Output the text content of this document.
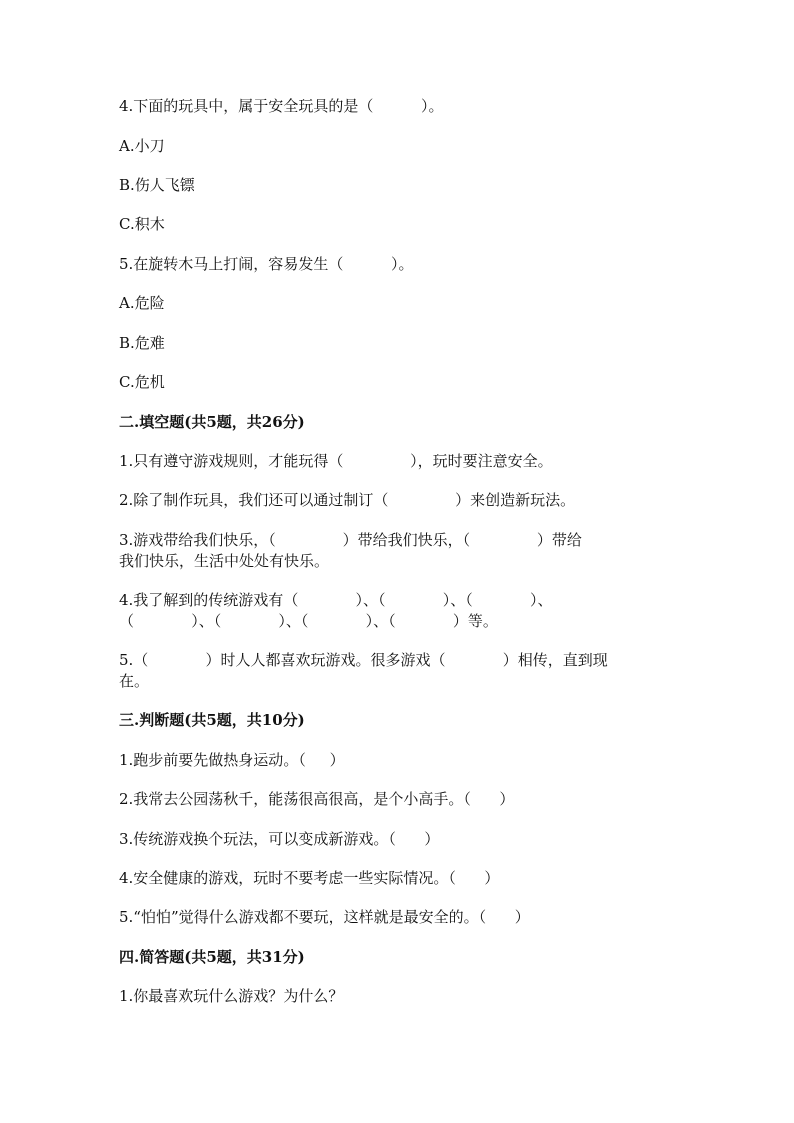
4.下面的玩具中，属于安全玩具的是（          ）。
A.小刀
B.伤人飞镖
C.积木
5.在旋转木马上打闹，容易发生（          ）。
A.危险
B.危难
C.危机
二.填空题(共5题，共26分)
1.只有遵守游戏规则，才能玩得（              ），玩时要注意安全。
2.除了制作玩具，我们还可以通过制订（              ）来创造新玩法。
3.游戏带给我们快乐，（              ）带给我们快乐，（              ）带给
我们快乐，生活中处处有快乐。
4.我了解到的传统游戏有（            ）、（            ）、（            ）、
（            ）、（            ）、（            ）、（            ）等。
5.（            ）时人人都喜欢玩游戏。很多游戏（            ）相传，直到现
在。
三.判断题(共5题，共10分)
1.跑步前要先做热身运动。（     ）
2.我常去公园荡秋千，能荡很高很高，是个小高手。（      ）
3.传统游戏换个玩法，可以变成新游戏。（      ）
4.安全健康的游戏，玩时不要考虑一些实际情况。（      ）
5.“怕怕”觉得什么游戏都不要玩，这样就是最安全的。（      ）
四.简答题(共5题，共31分)
1.你最喜欢玩什么游戏？为什么？
